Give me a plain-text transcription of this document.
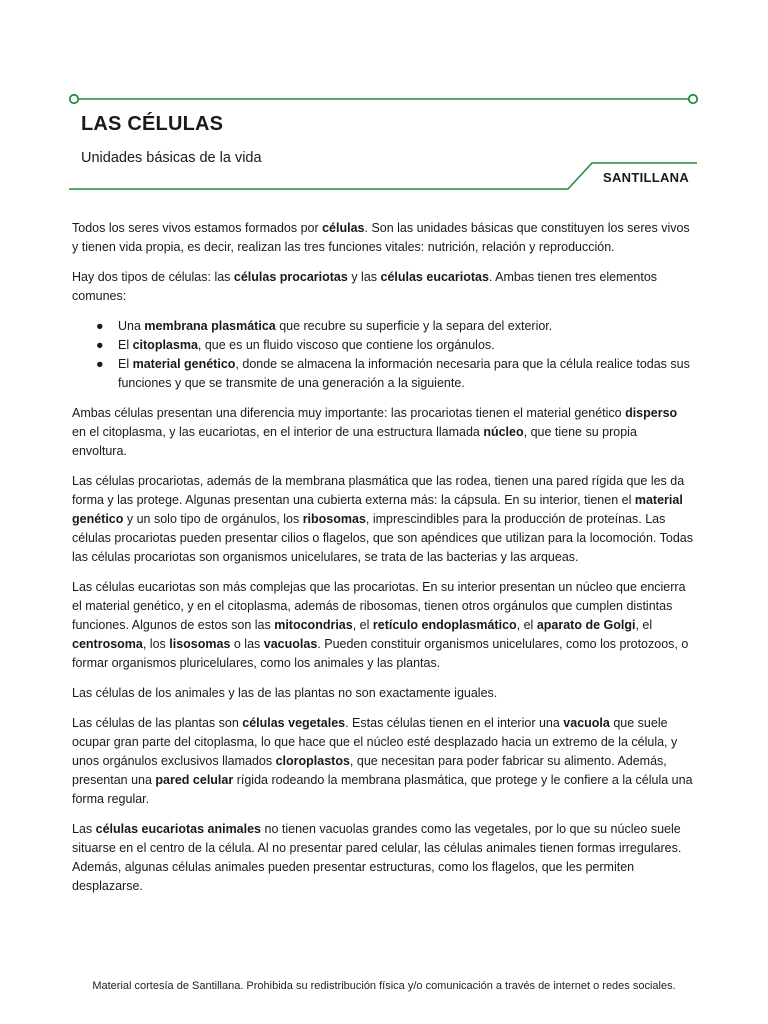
LAS CÉLULAS
Unidades básicas de la vida
SANTILLANA

Todos los seres vivos estamos formados por células. Son las unidades básicas que constituyen los seres vivos y tienen vida propia, es decir, realizan las tres funciones vitales: nutrición, relación y reproducción.

Hay dos tipos de células: las células procariotas y las células eucariotas. Ambas tienen tres elementos comunes:

● Una membrana plasmática que recubre su superficie y la separa del exterior.
● El citoplasma, que es un fluido viscoso que contiene los orgánulos.
● El material genético, donde se almacena la información necesaria para que la célula realice todas sus funciones y que se transmite de una generación a la siguiente.

Ambas células presentan una diferencia muy importante: las procariotas tienen el material genético disperso en el citoplasma, y las eucariotas, en el interior de una estructura llamada núcleo, que tiene su propia envoltura.

Las células procariotas, además de la membrana plasmática que las rodea, tienen una pared rígida que les da forma y las protege. Algunas presentan una cubierta externa más: la cápsula. En su interior, tienen el material genético y un solo tipo de orgánulos, los ribosomas, imprescindibles para la producción de proteínas. Las células procariotas pueden presentar cilios o flagelos, que son apéndices que utilizan para la locomoción. Todas las células procariotas son organismos unicelulares, se trata de las bacterias y las arqueas.

Las células eucariotas son más complejas que las procariotas. En su interior presentan un núcleo que encierra el material genético, y en el citoplasma, además de ribosomas, tienen otros orgánulos que cumplen distintas funciones. Algunos de estos son las mitocondrias, el retículo endoplasmático, el aparato de Golgi, el centrosoma, los lisosomas o las vacuolas. Pueden constituir organismos unicelulares, como los protozoos, o formar organismos pluricelulares, como los animales y las plantas.

Las células de los animales y las de las plantas no son exactamente iguales.

Las células de las plantas son células vegetales. Estas células tienen en el interior una vacuola que suele ocupar gran parte del citoplasma, lo que hace que el núcleo esté desplazado hacia un extremo de la célula, y unos orgánulos exclusivos llamados cloroplastos, que necesitan para poder fabricar su alimento. Además, presentan una pared celular rígida rodeando la membrana plasmática, que protege y le confiere a la célula una forma regular.

Las células eucariotas animales no tienen vacuolas grandes como las vegetales, por lo que su núcleo suele situarse en el centro de la célula. Al no presentar pared celular, las células animales tienen formas irregulares. Además, algunas células animales pueden presentar estructuras, como los flagelos, que les permiten desplazarse.

Material cortesía de Santillana. Prohibida su redistribución física y/o comunicación a través de internet o redes sociales.
